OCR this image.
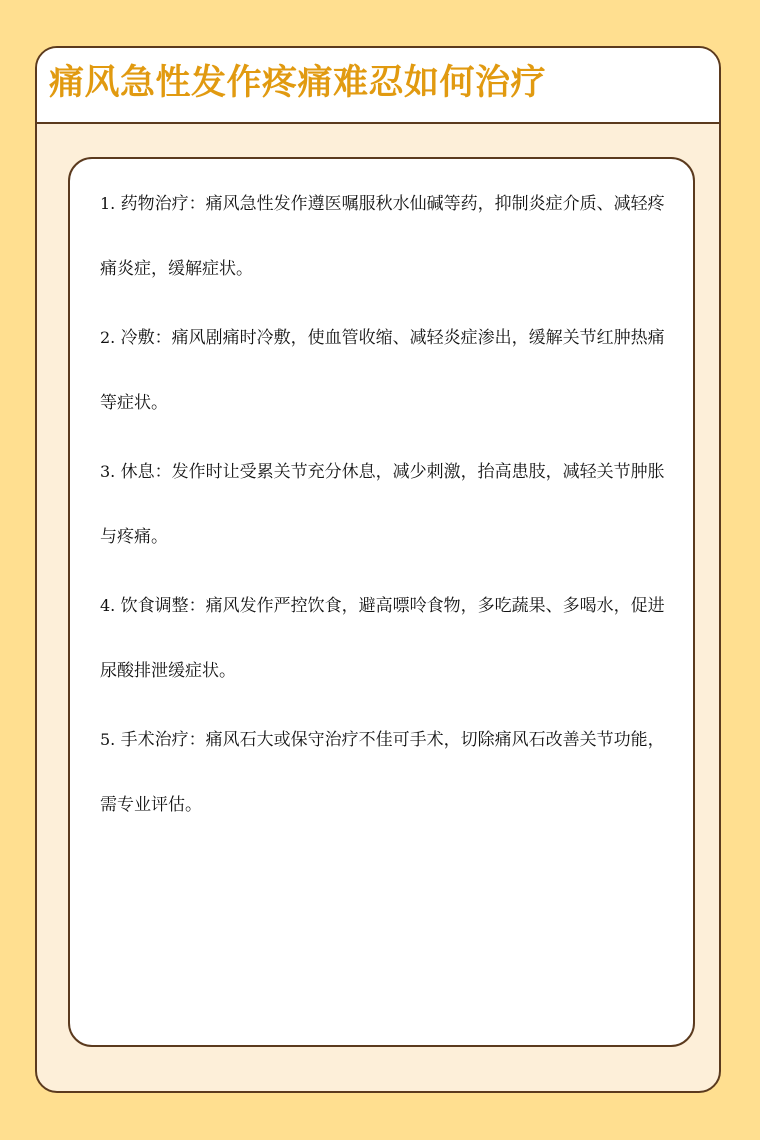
痛风急性发作疼痛难忍如何治疗
1. 药物治疗：痛风急性发作遵医嘱服秋水仙碱等药，抑制炎症介质、减轻疼痛炎症，缓解症状。
2. 冷敷：痛风剧痛时冷敷，使血管收缩、减轻炎症渗出，缓解关节红肿热痛等症状。
3. 休息：发作时让受累关节充分休息，减少刺激，抬高患肢，减轻关节肿胀与疼痛。
4. 饮食调整：痛风发作严控饮食，避高嘌呤食物，多吃蔬果、多喝水，促进尿酸排泄缓症状。
5. 手术治疗：痛风石大或保守治疗不佳可手术，切除痛风石改善关节功能，需专业评估。
